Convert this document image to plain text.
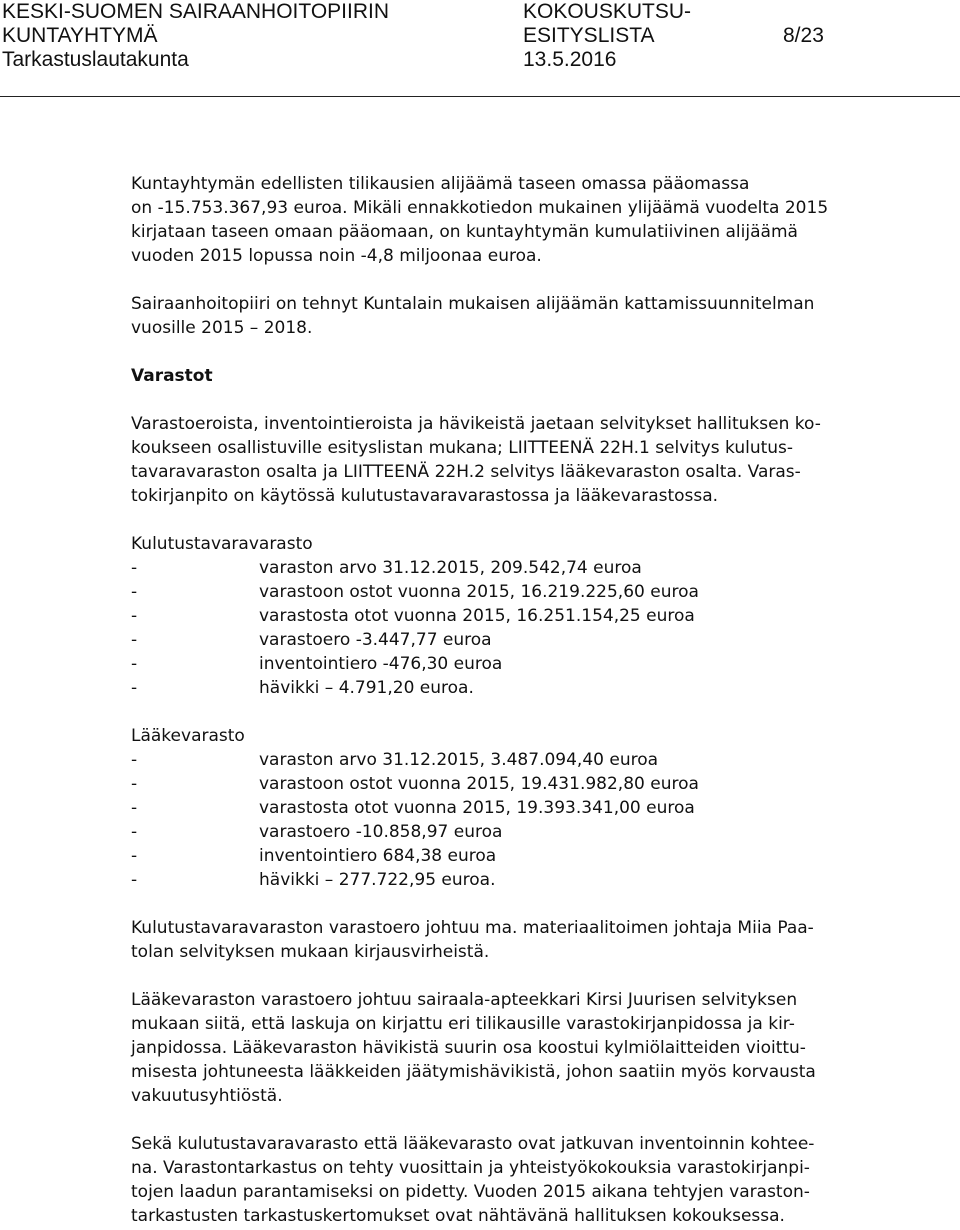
KESKI-SUOMEN SAIRAANHOITOPIIRIN
KUNTAYHTYMÄ
Tarkastuslautakunta
KOKOUSKUTSU-
ESITYSLISTA
13.5.2016
8/23

Kuntayhtymän edellisten tilikausien alijäämä taseen omassa pääomassa
on -15.753.367,93 euroa. Mikäli ennakkotiedon mukainen ylijäämä vuodelta 2015
kirjataan taseen omaan pääomaan, on kuntayhtymän kumulatiivinen alijäämä
vuoden 2015 lopussa noin -4,8 miljoonaa euroa.

Sairaanhoitopiiri on tehnyt Kuntalain mukaisen alijäämän kattamissuunnitelman
vuosille 2015 – 2018.

Varastot

Varastoeroista, inventointieroista ja hävikeistä jaetaan selvitykset hallituksen ko-
koukseen osallistuville esityslistan mukana; LIITTEENÄ 22H.1 selvitys kulutus-
tavaravaraston osalta ja LIITTEENÄ 22H.2 selvitys lääkevaraston osalta. Varas-
tokirjanpito on käytössä kulutustavaravarastossa ja lääkevarastossa.

Kulutustavaravarasto

-	varaston arvo 31.12.2015, 209.542,74 euroa
-	varastoon ostot vuonna 2015, 16.219.225,60 euroa
-	varastosta otot vuonna 2015, 16.251.154,25 euroa
-	varastoero -3.447,77 euroa
-	inventointiero -476,30 euroa
-	hävikki – 4.791,20 euroa.

Lääkevarasto

-	varaston arvo 31.12.2015, 3.487.094,40 euroa
-	varastoon ostot vuonna 2015, 19.431.982,80 euroa
-	varastosta otot vuonna 2015, 19.393.341,00 euroa
-	varastoero -10.858,97 euroa
-	inventointiero 684,38 euroa
-	hävikki – 277.722,95 euroa.

Kulutustavaravaraston varastoero johtuu ma. materiaalitoimen johtaja Miia Paa-
tolan selvityksen mukaan kirjausvirheistä.

Lääkevaraston varastoero johtuu sairaala-apteekkari Kirsi Juurisen selvityksen
mukaan siitä, että laskuja on kirjattu eri tilikausille varastokirjanpidossa ja kir-
janpidossa. Lääkevaraston hävikistä suurin osa koostui kylmiölaitteiden vioittu-
misesta johtuneesta lääkkeiden jäätymishävikistä, johon saatiin myös korvausta
vakuutusyhtiöstä.

Sekä kulutustavaravarasto että lääkevarasto ovat jatkuvan inventoinnin kohtee-
na. Varastontarkastus on tehty vuosittain ja yhteistyökokouksia varastokirjanpi-
tojen laadun parantamiseksi on pidetty. Vuoden 2015 aikana tehtyjen varaston-
tarkastusten tarkastuskertomukset ovat nähtävänä hallituksen kokouksessa.
